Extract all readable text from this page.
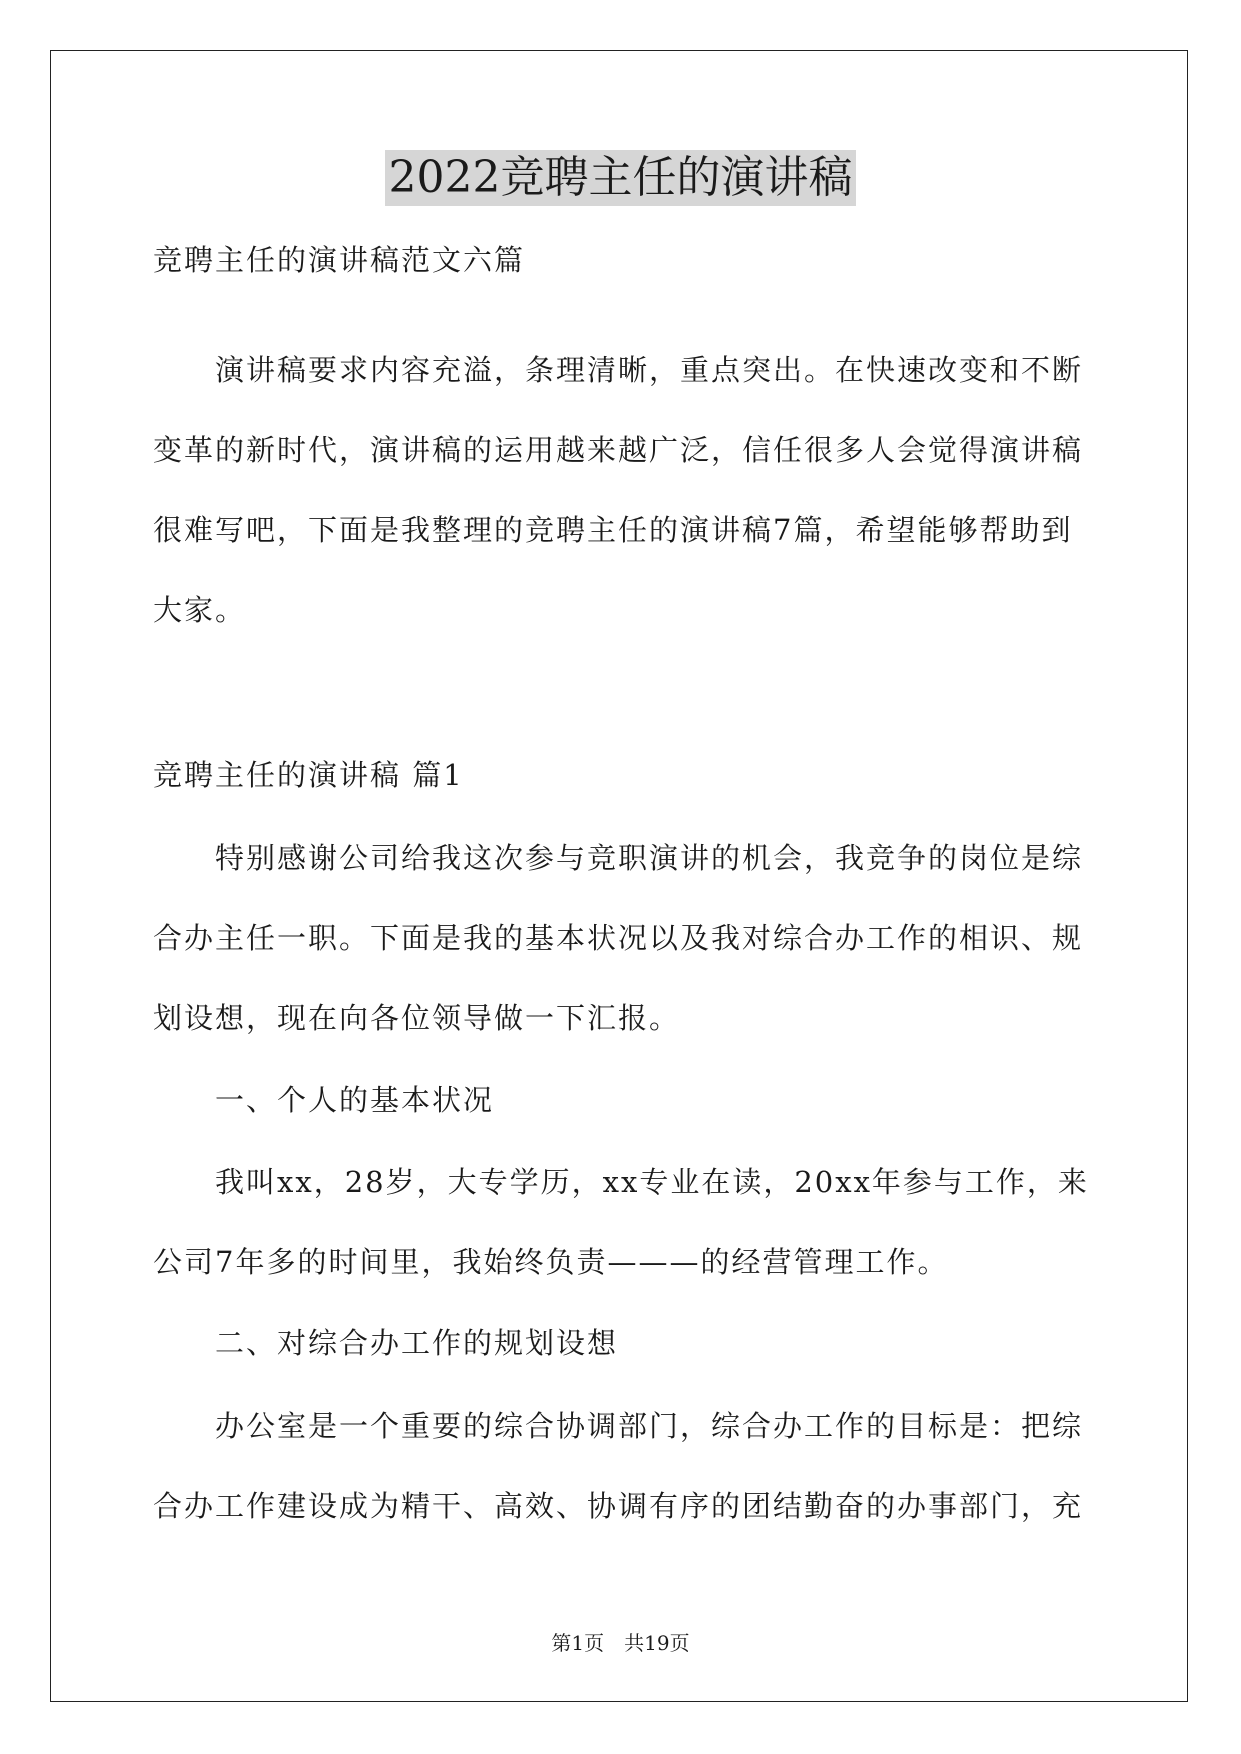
2022竞聘主任的演讲稿
竞聘主任的演讲稿范文六篇
　　演讲稿要求内容充溢，条理清晰，重点突出。在快速改变和不断
变革的新时代，演讲稿的运用越来越广泛，信任很多人会觉得演讲稿
很难写吧，下面是我整理的竞聘主任的演讲稿7篇，希望能够帮助到
大家。
竞聘主任的演讲稿 篇1
　　特别感谢公司给我这次参与竞职演讲的机会，我竞争的岗位是综
合办主任一职。下面是我的基本状况以及我对综合办工作的相识、规
划设想，现在向各位领导做一下汇报。
　　一、个人的基本状况
　　我叫xx，28岁，大专学历，xx专业在读，20xx年参与工作，来
公司7年多的时间里，我始终负责———的经营管理工作。
　　二、对综合办工作的规划设想
　　办公室是一个重要的综合协调部门，综合办工作的目标是：把综
合办工作建设成为精干、高效、协调有序的团结勤奋的办事部门，充
第1页　共19页
